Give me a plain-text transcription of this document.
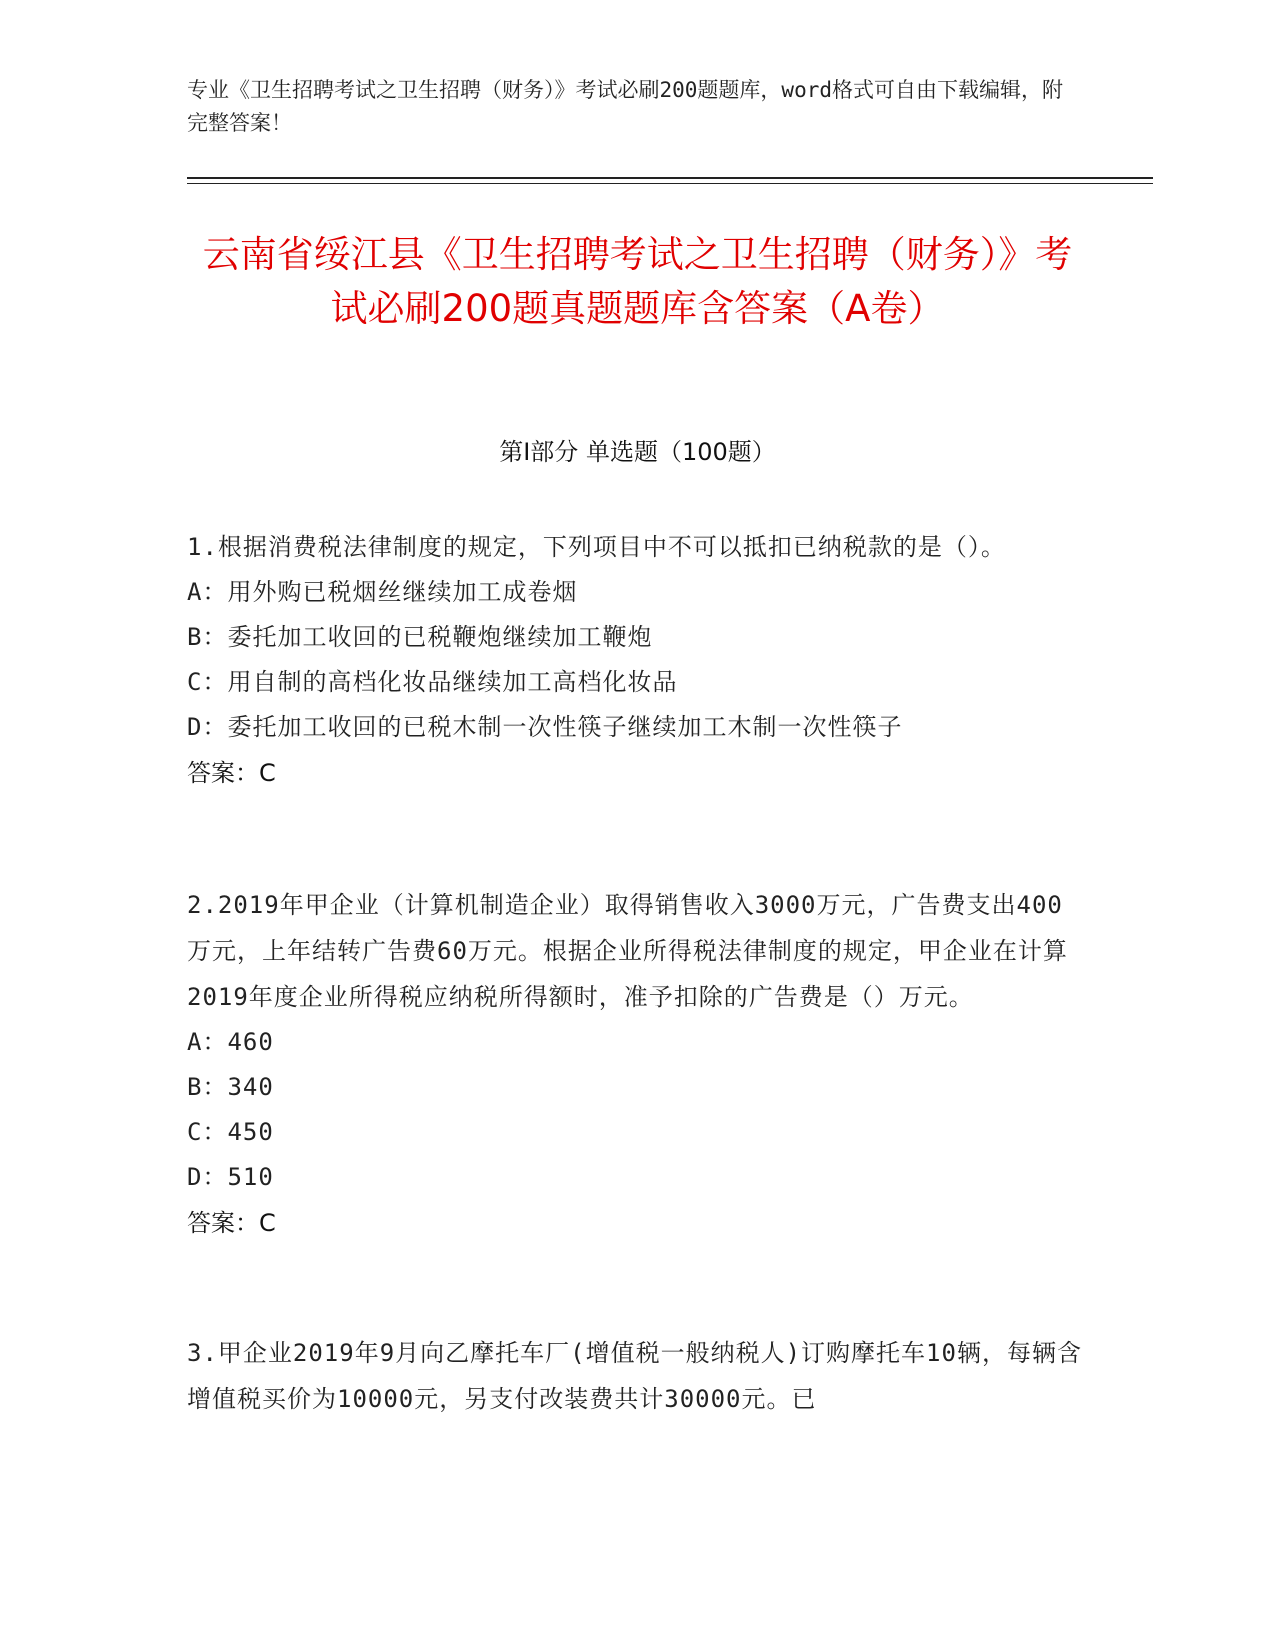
专业《卫生招聘考试之卫生招聘（财务）》考试必刷200题题库，word格式可自由下载编辑，附完整答案！
云南省绥江县《卫生招聘考试之卫生招聘（财务）》考试必刷200题真题题库含答案（A卷）
第Ⅰ部分 单选题（100题）
1.根据消费税法律制度的规定，下列项目中不可以抵扣已纳税款的是（）。
A：用外购已税烟丝继续加工成卷烟
B：委托加工收回的已税鞭炮继续加工鞭炮
C：用自制的高档化妆品继续加工高档化妆品
D：委托加工收回的已税木制一次性筷子继续加工木制一次性筷子
答案：C
2.2019年甲企业（计算机制造企业）取得销售收入3000万元，广告费支出400万元，上年结转广告费60万元。根据企业所得税法律制度的规定，甲企业在计算2019年度企业所得税应纳税所得额时，准予扣除的广告费是（）万元。
A：460
B：340
C：450
D：510
答案：C
3.甲企业2019年9月向乙摩托车厂(增值税一般纳税人)订购摩托车10辆，每辆含增值税买价为10000元，另支付改装费共计30000元。已
